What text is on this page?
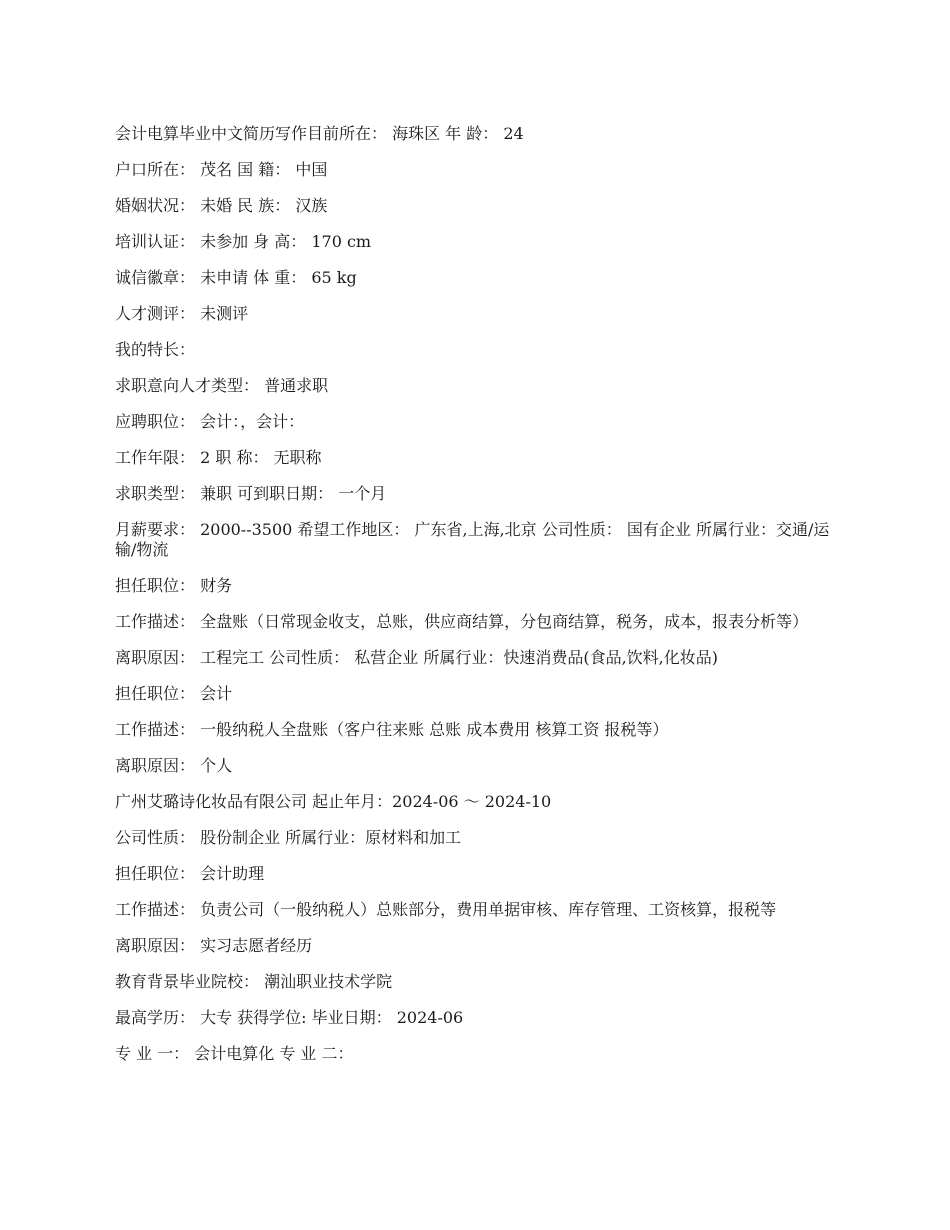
会计电算毕业中文简历写作目前所在： 海珠区 年 龄： 24

户口所在： 茂名 国 籍： 中国

婚姻状况： 未婚 民 族： 汉族

培训认证： 未参加 身 高： 170 cm

诚信徽章： 未申请 体 重： 65 kg

人才测评： 未测评

我的特长：

求职意向人才类型： 普通求职

应聘职位： 会计：，会计：

工作年限： 2 职 称： 无职称

求职类型： 兼职 可到职日期： 一个月

月薪要求： 2000--3500 希望工作地区： 广东省,上海,北京 公司性质： 国有企业 所属行业：交通/运输/物流

担任职位： 财务

工作描述： 全盘账（日常现金收支，总账，供应商结算，分包商结算，税务，成本，报表分析等）

离职原因： 工程完工 公司性质： 私营企业 所属行业：快速消费品(食品,饮料,化妆品)

担任职位： 会计

工作描述： 一般纳税人全盘账（客户往来账 总账 成本费用 核算工资 报税等）

离职原因： 个人

广州艾璐诗化妆品有限公司 起止年月：2024-06 ～ 2024-10

公司性质： 股份制企业 所属行业：原材料和加工

担任职位： 会计助理

工作描述： 负责公司（一般纳税人）总账部分，费用单据审核、库存管理、工资核算，报税等

离职原因： 实习志愿者经历

教育背景毕业院校： 潮汕职业技术学院

最高学历： 大专 获得学位: 毕业日期： 2024-06

专 业 一： 会计电算化 专 业 二：
